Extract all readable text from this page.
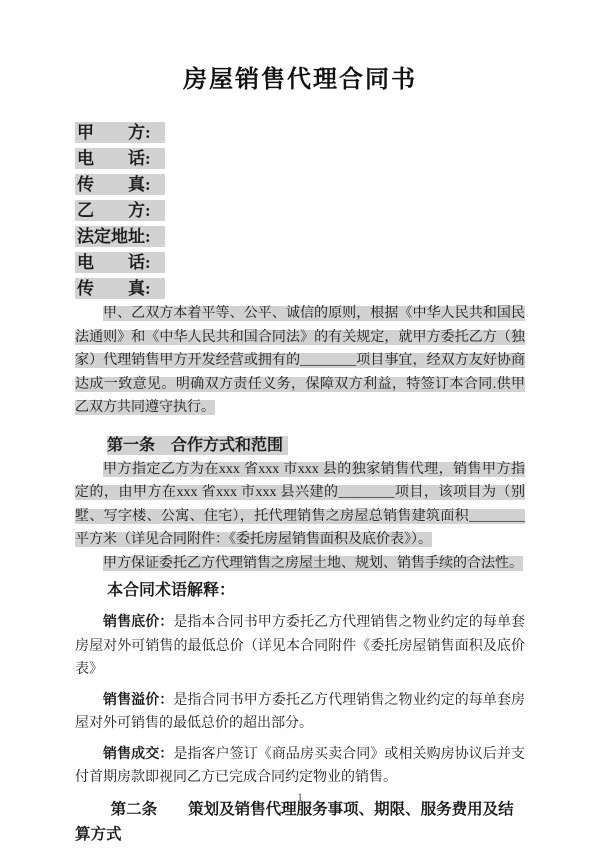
房屋销售代理合同书
甲　　方:
电　　话:
传　　真:
乙　　方:
法定地址:
电　　话:
传　　真:

甲、乙双方本着平等、公平、诚信的原则，根据《中华人民共和国民法通则》和《中华人民共和国合同法》的有关规定，就甲方委托乙方（独家）代理销售甲方开发经营或拥有的________项目事宜，经双方友好协商达成一致意见。明确双方责任义务，保障双方利益，特签订本合同.供甲乙双方共同遵守执行。

第一条　合作方式和范围

甲方指定乙方为在xxx 省xxx 市xxx 县的独家销售代理，销售甲方指定的，由甲方在xxx 省xxx 市xxx 县兴建的________项目，该项目为（别墅、写字楼、公寓、住宅），托代理销售之房屋总销售建筑面积________平方米（详见合同附件：《委托房屋销售面积及底价表》）。

甲方保证委托乙方代理销售之房屋土地、规划、销售手续的合法性。

本合同术语解释：

销售底价：是指本合同书甲方委托乙方代理销售之物业约定的每单套房屋对外可销售的最低总价（详见本合同附件《委托房屋销售面积及底价表》

销售溢价：是指合同书甲方委托乙方代理销售之物业约定的每单套房屋对外可销售的最低总价的超出部分。

销售成交：是指客户签订《商品房买卖合同》或相关购房协议后并支付首期房款即视同乙方已完成合同约定物业的销售。

第二条　　策划及销售代理服务事项、期限、服务费用及结算方式
1
